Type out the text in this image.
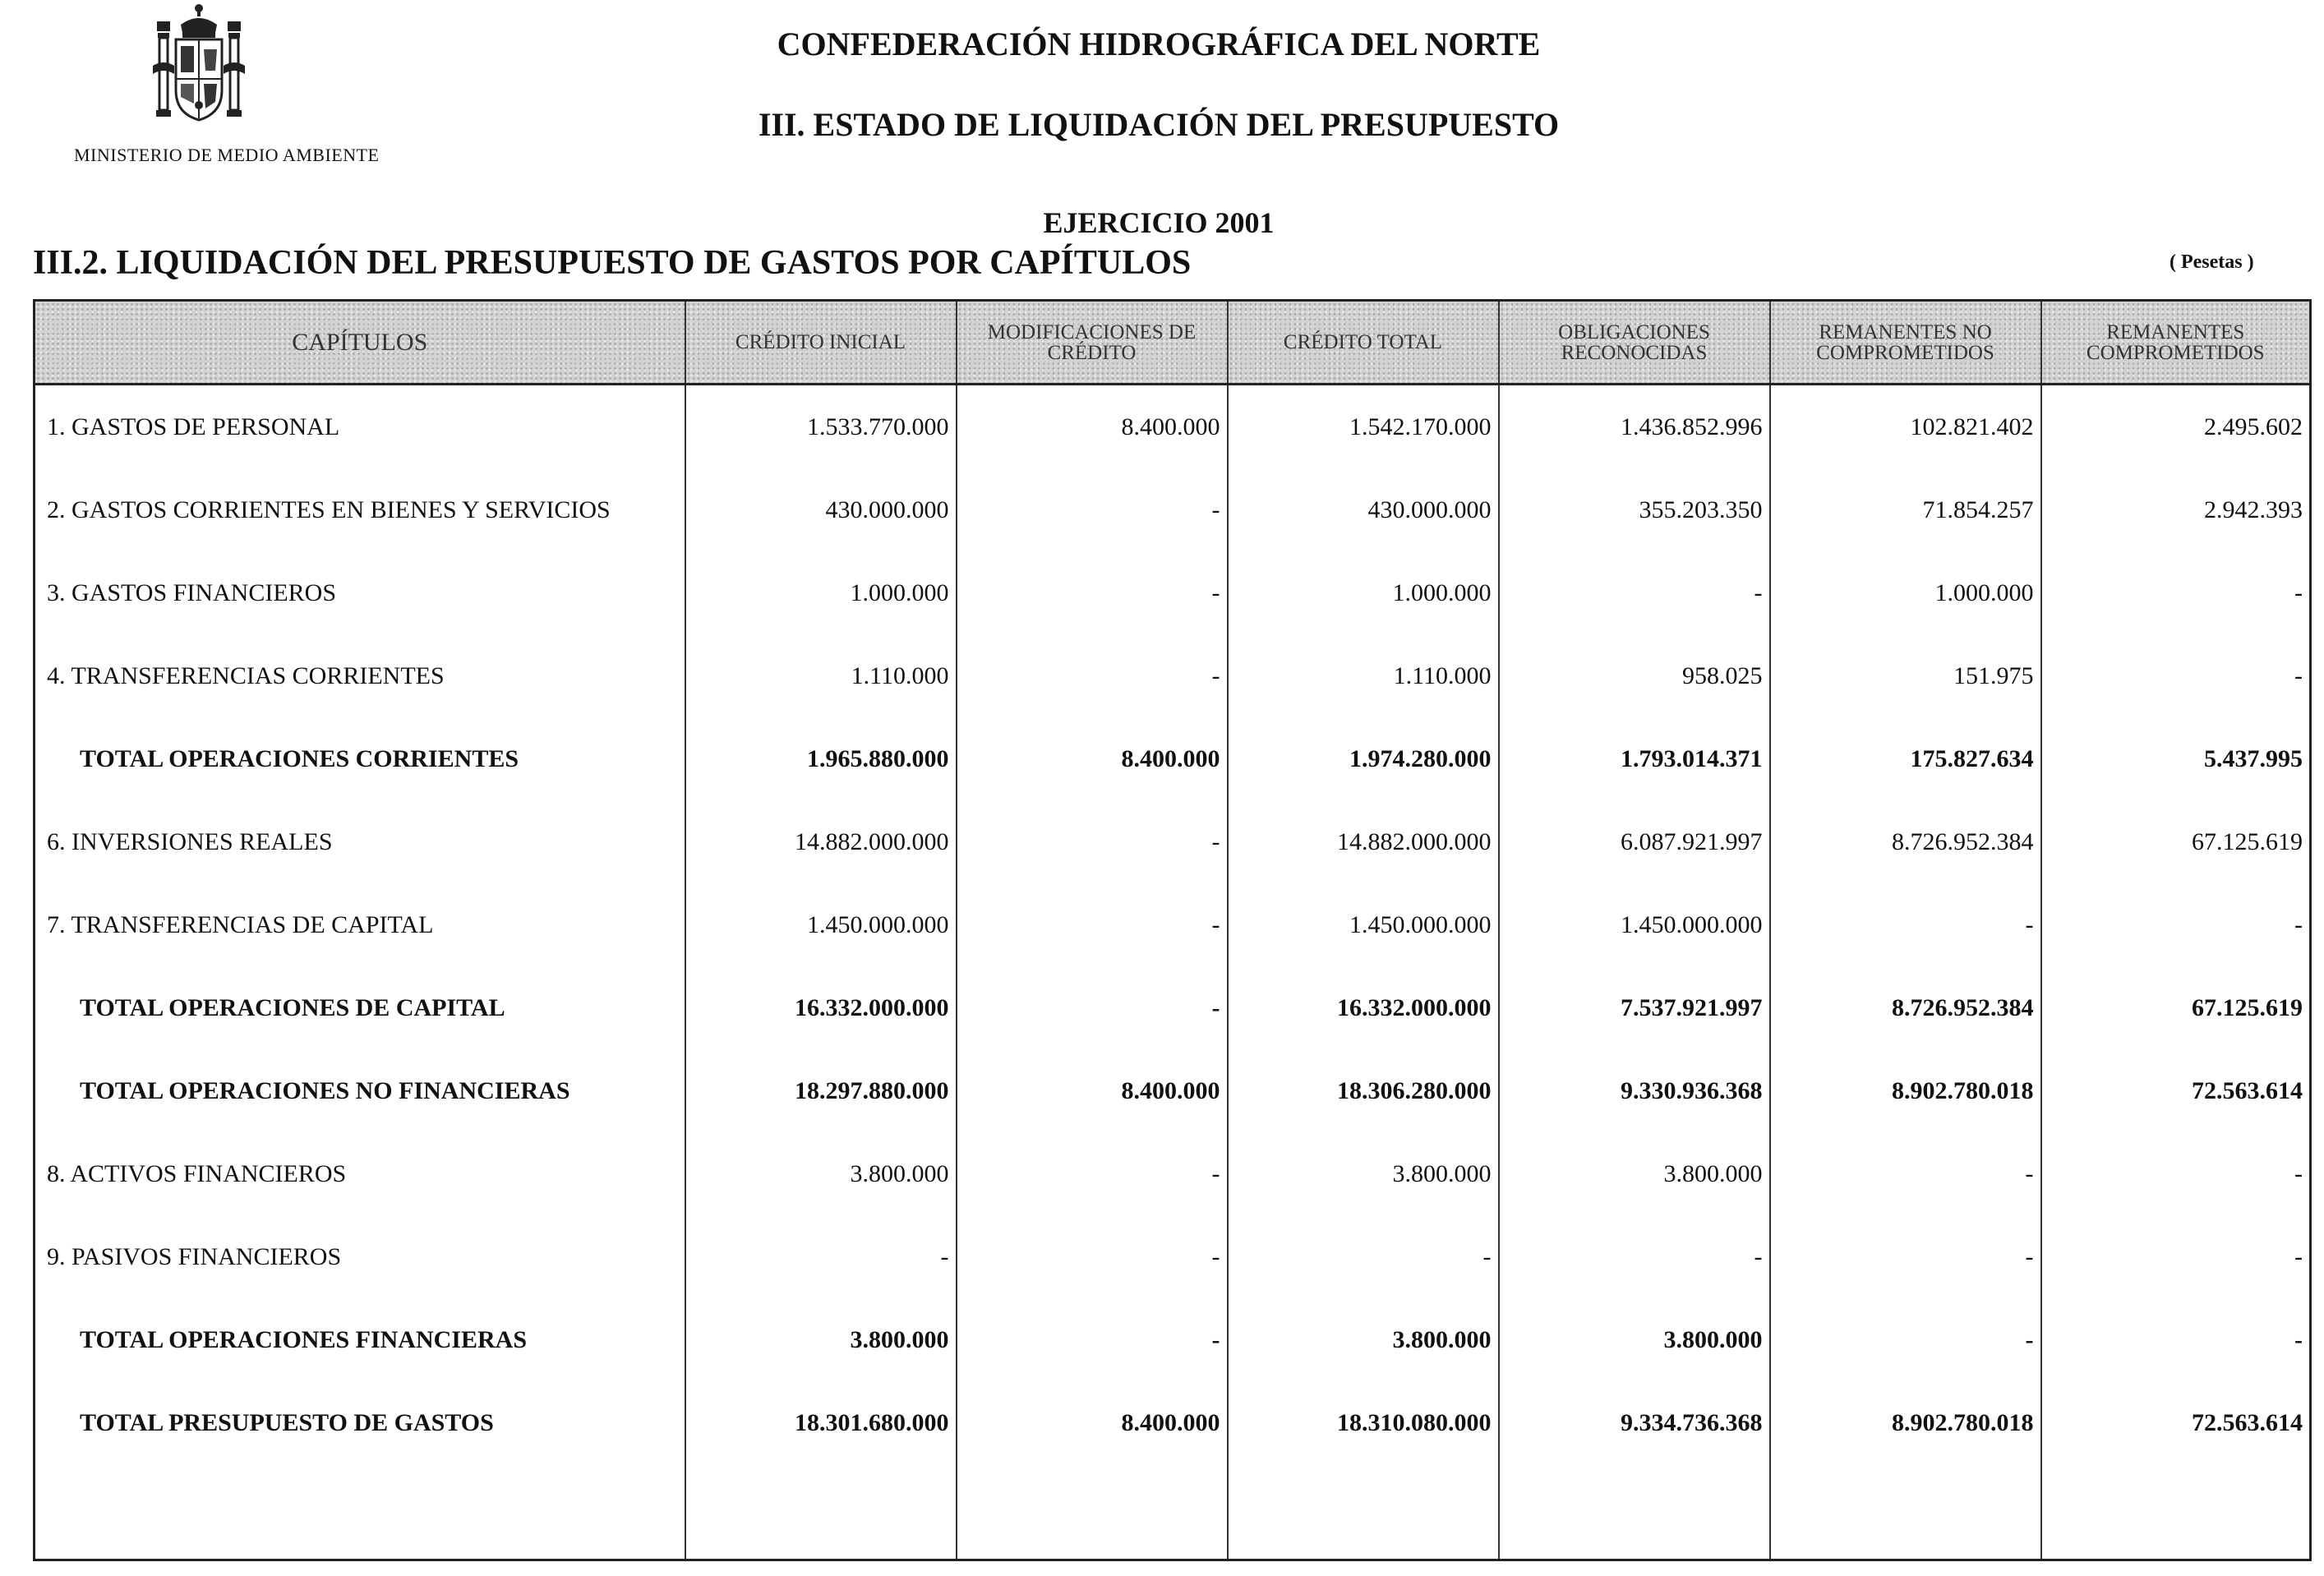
MINISTERIO DE MEDIO AMBIENTE
CONFEDERACIÓN HIDROGRÁFICA DEL NORTE
III. ESTADO DE LIQUIDACIÓN DEL PRESUPUESTO
EJERCICIO 2001
III.2. LIQUIDACIÓN DEL PRESUPUESTO DE GASTOS POR CAPÍTULOS	( Pesetas )
CAPÍTULOS	CRÉDITO INICIAL	MODIFICACIONES DE CRÉDITO	CRÉDITO TOTAL	OBLIGACIONES RECONOCIDAS	REMANENTES NO COMPROMETIDOS	REMANENTES COMPROMETIDOS
1. GASTOS DE PERSONAL	1.533.770.000	8.400.000	1.542.170.000	1.436.852.996	102.821.402	2.495.602
2. GASTOS CORRIENTES EN BIENES Y SERVICIOS	430.000.000	-	430.000.000	355.203.350	71.854.257	2.942.393
3. GASTOS FINANCIEROS	1.000.000	-	1.000.000	-	1.000.000	-
4. TRANSFERENCIAS CORRIENTES	1.110.000	-	1.110.000	958.025	151.975	-
TOTAL OPERACIONES CORRIENTES	1.965.880.000	8.400.000	1.974.280.000	1.793.014.371	175.827.634	5.437.995
6. INVERSIONES REALES	14.882.000.000	-	14.882.000.000	6.087.921.997	8.726.952.384	67.125.619
7. TRANSFERENCIAS DE CAPITAL	1.450.000.000	-	1.450.000.000	1.450.000.000	-	-
TOTAL OPERACIONES DE CAPITAL	16.332.000.000	-	16.332.000.000	7.537.921.997	8.726.952.384	67.125.619
TOTAL OPERACIONES NO FINANCIERAS	18.297.880.000	8.400.000	18.306.280.000	9.330.936.368	8.902.780.018	72.563.614
8. ACTIVOS FINANCIEROS	3.800.000	-	3.800.000	3.800.000	-	-
9. PASIVOS FINANCIEROS	-	-	-	-	-	-
TOTAL OPERACIONES FINANCIERAS	3.800.000	-	3.800.000	3.800.000	-	-
TOTAL PRESUPUESTO DE GASTOS	18.301.680.000	8.400.000	18.310.080.000	9.334.736.368	8.902.780.018	72.563.614
